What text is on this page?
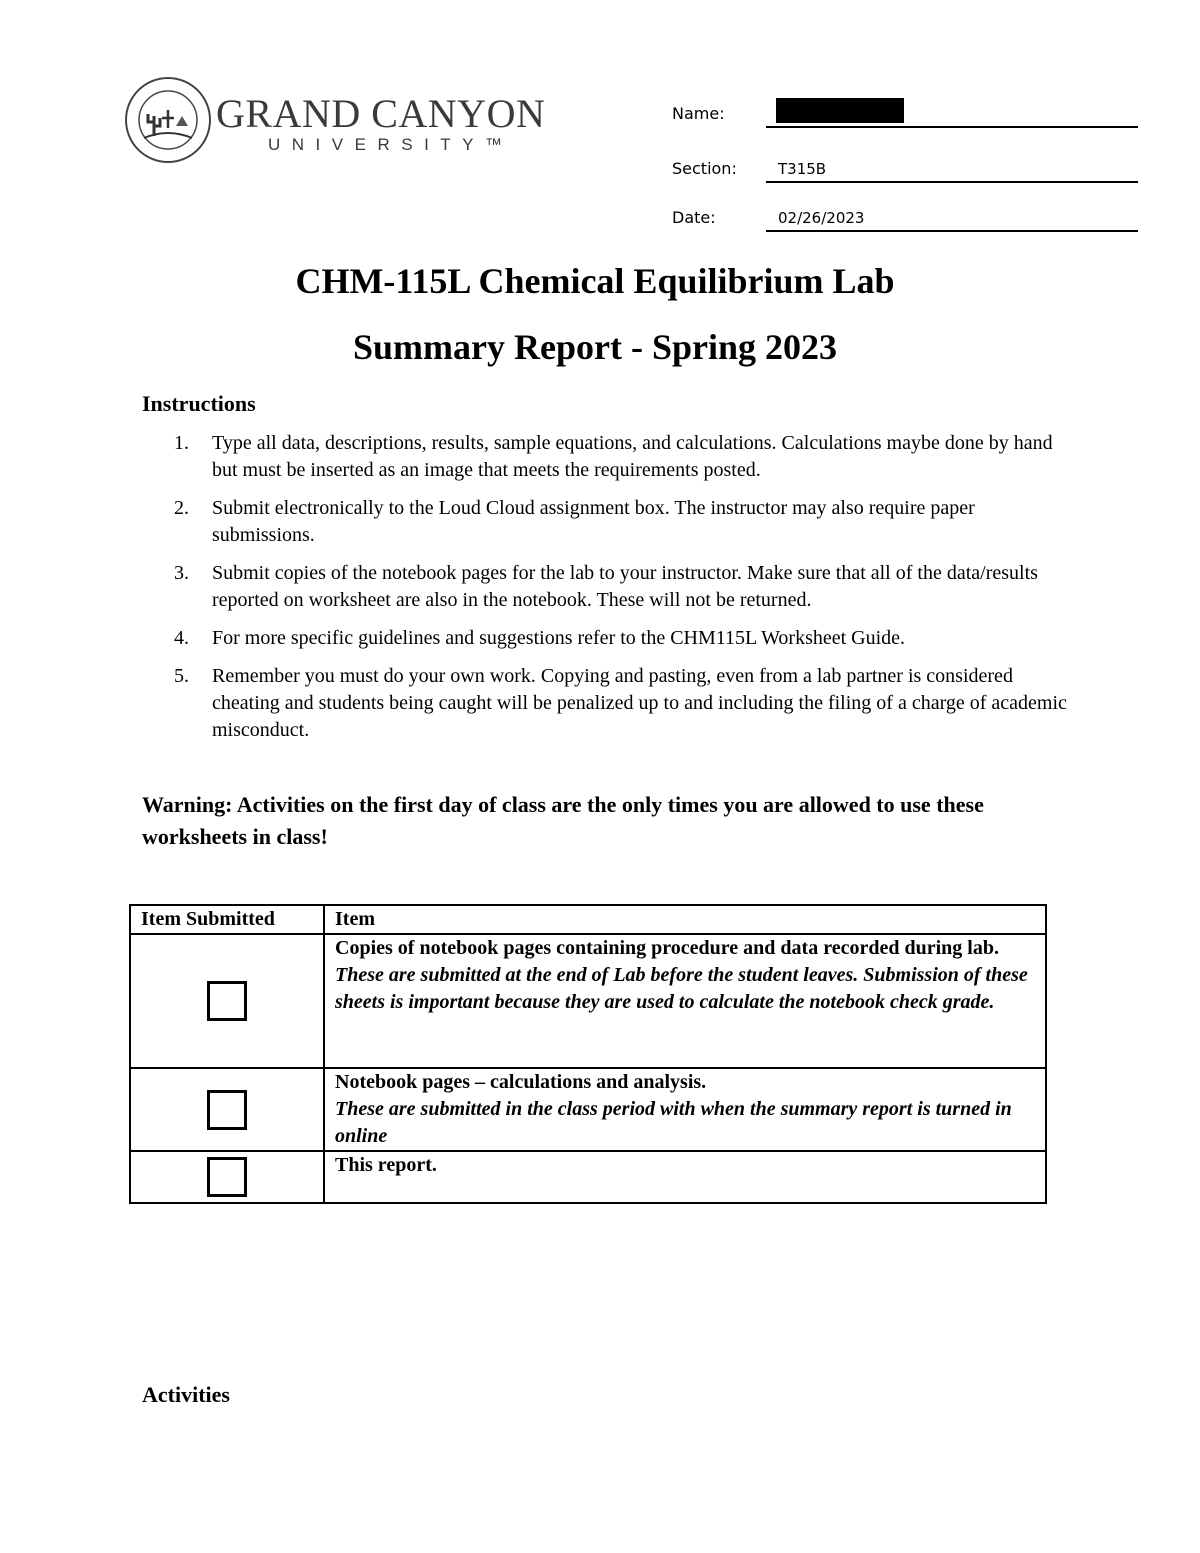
GRAND CANYON
UNIVERSITY™
Name:
Section:	T315B
Date:	02/26/2023
CHM-115L Chemical Equilibrium Lab
Summary Report - Spring 2023
Instructions
1. Type all data, descriptions, results, sample equations, and calculations. Calculations maybe done by hand but must be inserted as an image that meets the requirements posted.
2. Submit electronically to the Loud Cloud assignment box. The instructor may also require paper submissions.
3. Submit copies of the notebook pages for the lab to your instructor. Make sure that all of the data/results reported on worksheet are also in the notebook. These will not be returned.
4. For more specific guidelines and suggestions refer to the CHM115L Worksheet Guide.
5. Remember you must do your own work. Copying and pasting, even from a lab partner is considered cheating and students being caught will be penalized up to and including the filing of a charge of academic misconduct.

Warning: Activities on the first day of class are the only times you are allowed to use these worksheets in class!

Item Submitted	Item

	Copies of notebook pages containing procedure and data recorded during lab.
These are submitted at the end of Lab before the student leaves. Submission of these sheets is important because they are used to calculate the notebook check grade.

	Notebook pages – calculations and analysis.
These are submitted in the class period with when the summary report is turned in online

	This report.
Activities
